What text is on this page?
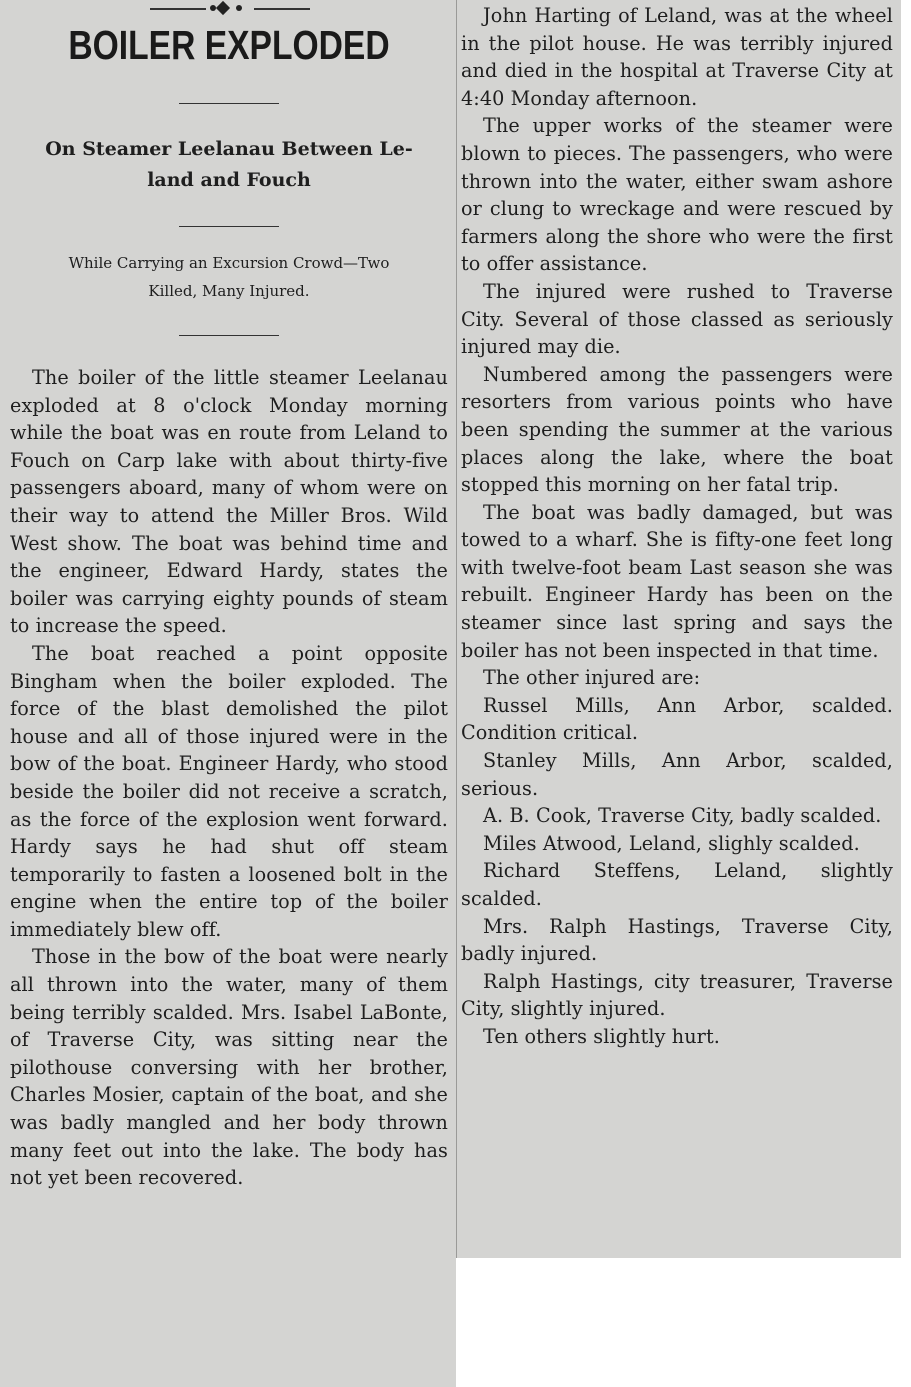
BOILER EXPLODED

On Steamer Leelanau Between Le-
land and Fouch

While Carrying an Excursion Crowd—Two
Killed, Many Injured.

The boiler of the little steamer Leelanau exploded at 8 o'clock Monday morning while the boat was en route from Leland to Fouch on Carp lake with about thirty-five passengers aboard, many of whom were on their way to attend the Miller Bros. Wild West show. The boat was behind time and the engineer, Edward Hardy, states the boiler was carrying eighty pounds of steam to increase the speed.

The boat reached a point opposite Bingham when the boiler exploded. The force of the blast demolished the pilot house and all of those injured were in the bow of the boat. Engineer Hardy, who stood beside the boiler did not receive a scratch, as the force of the explosion went forward. Hardy says he had shut off steam temporarily to fasten a loosened bolt in the engine when the entire top of the boiler immediately blew off.

Those in the bow of the boat were nearly all thrown into the water, many of them being terribly scalded. Mrs. Isabel LaBonte, of Traverse City, was sitting near the pilothouse conversing with her brother, Charles Mosier, captain of the boat, and she was badly mangled and her body thrown many feet out into the lake. The body has not yet been recovered.

John Harting of Leland, was at the wheel in the pilot house. He was terribly injured and died in the hospital at Traverse City at 4:40 Monday afternoon.

The upper works of the steamer were blown to pieces. The passengers, who were thrown into the water, either swam ashore or clung to wreckage and were rescued by farmers along the shore who were the first to offer assistance.

The injured were rushed to Traverse City. Several of those classed as seriously injured may die.

Numbered among the passengers were resorters from various points who have been spending the summer at the various places along the lake, where the boat stopped this morning on her fatal trip.

The boat was badly damaged, but was towed to a wharf. She is fifty-one feet long with twelve-foot beam Last season she was rebuilt. Engineer Hardy has been on the steamer since last spring and says the boiler has not been inspected in that time.

The other injured are:

Russel Mills, Ann Arbor, scalded. Condition critical.

Stanley Mills, Ann Arbor, scalded, serious.

A. B. Cook, Traverse City, badly scalded.

Miles Atwood, Leland, slighly scalded.

Richard Steffens, Leland, slightly scalded.

Mrs. Ralph Hastings, Traverse City, badly injured.

Ralph Hastings, city treasurer, Traverse City, slightly injured.

Ten others slightly hurt.
